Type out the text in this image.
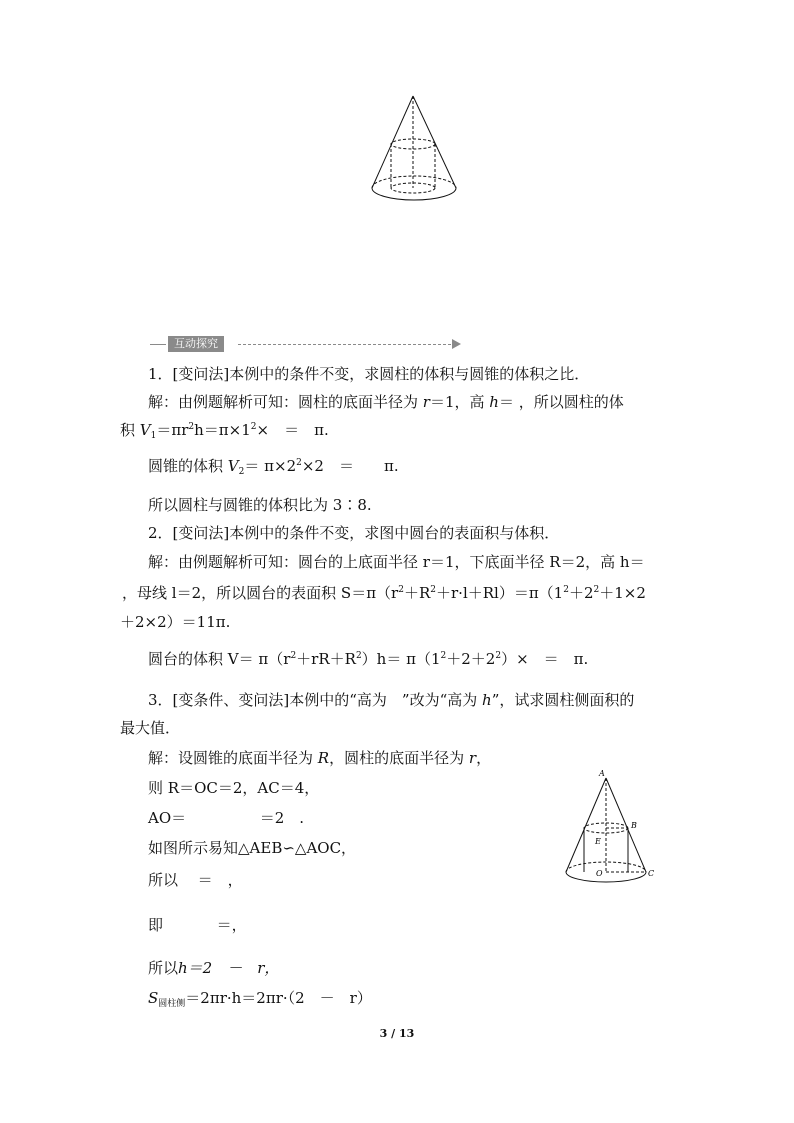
互动探究
1．[变问法]本例中的条件不变，求圆柱的体积与圆锥的体积之比．
解：由例题解析可知：圆柱的底面半径为 r＝1，高 h＝ ，所以圆柱的体
积 $V_1=\pi r^2h=\pi\times 1^2\times$　＝　π.
圆锥的体积 $V_2= \pi\times 2^2\times 2$　＝　　π.
所以圆柱与圆锥的体积比为 3∶8.
2．[变问法]本例中的条件不变，求图中圆台的表面积与体积．
解：由例题解析可知：圆台的上底面半径 r＝1，下底面半径 R＝2，高 h＝
，母线 l＝2，所以圆台的表面积 $S=\pi(r^2+R^2+r\cdot l+Rl)=\pi(1^2+2^2+1\times 2$
＋2×2）＝11π.
圆台的体积 $V= \pi(r^2+rR+R^2)h= \pi(1^2+2+2^2)\times$　＝　π.
3．[变条件、变问法]本例中的“高为　”改为“高为 h”，试求圆柱侧面积的
最大值．
解：设圆锥的底面半径为 R，圆柱的底面半径为 r，
则 R＝OC＝2，AC＝4，
AO＝	＝2　.
如图所示易知△AEB∽△AOC，
所以 ＝　，
即	＝，
所以h＝2　－　r，
$S_{圆柱侧}=2\pi r\cdot h=2\pi r\cdot(2$　－　r）
A
B
E
O	C
3 / 13
